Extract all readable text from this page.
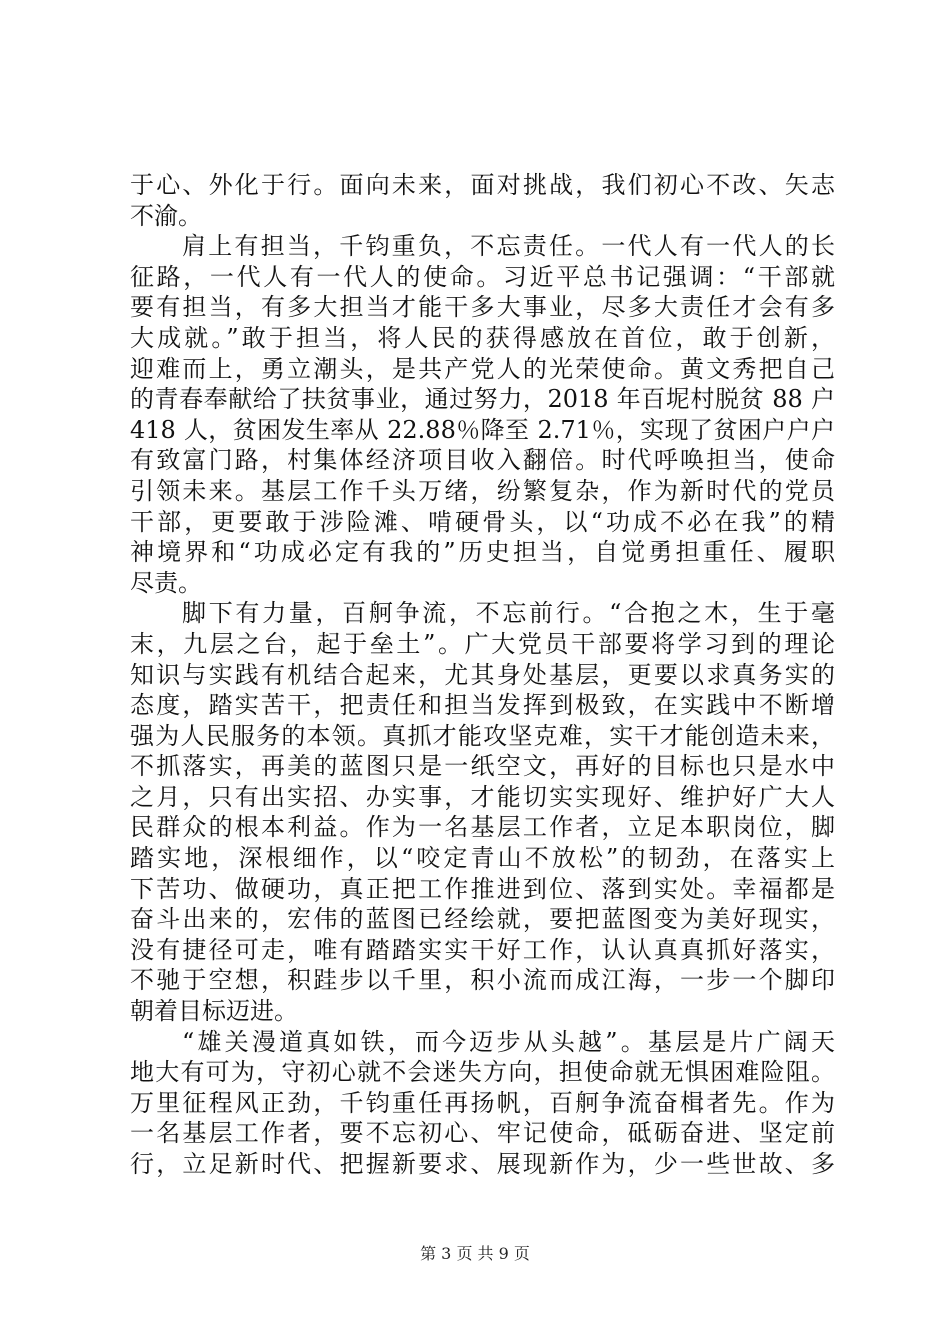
于心、外化于行。面向未来，面对挑战，我们初心不改、矢志
不渝。
肩上有担当，千钧重负，不忘责任。一代人有一代人的长
征路，一代人有一代人的使命。习近平总书记强调：“干部就
要有担当，有多大担当才能干多大事业，尽多大责任才会有多
大成就。”敢于担当，将人民的获得感放在首位，敢于创新，
迎难而上，勇立潮头，是共产党人的光荣使命。黄文秀把自己
的青春奉献给了扶贫事业，通过努力，2018 年百坭村脱贫 88 户
418 人，贫困发生率从 22.88％降至 2.71％，实现了贫困户户户
有致富门路，村集体经济项目收入翻倍。时代呼唤担当，使命
引领未来。基层工作千头万绪，纷繁复杂，作为新时代的党员
干部，更要敢于涉险滩、啃硬骨头，以“功成不必在我”的精
神境界和“功成必定有我的”历史担当，自觉勇担重任、履职
尽责。
脚下有力量，百舸争流，不忘前行。“合抱之木，生于毫
末，九层之台，起于垒土”。广大党员干部要将学习到的理论
知识与实践有机结合起来，尤其身处基层，更要以求真务实的
态度，踏实苦干，把责任和担当发挥到极致，在实践中不断增
强为人民服务的本领。真抓才能攻坚克难，实干才能创造未来，
不抓落实，再美的蓝图只是一纸空文，再好的目标也只是水中
之月，只有出实招、办实事，才能切实实现好、维护好广大人
民群众的根本利益。作为一名基层工作者，立足本职岗位，脚
踏实地，深根细作，以“咬定青山不放松”的韧劲，在落实上
下苦功、做硬功，真正把工作推进到位、落到实处。幸福都是
奋斗出来的，宏伟的蓝图已经绘就，要把蓝图变为美好现实，
没有捷径可走，唯有踏踏实实干好工作，认认真真抓好落实，
不驰于空想，积跬步以千里，积小流而成江海，一步一个脚印
朝着目标迈进。
“雄关漫道真如铁，而今迈步从头越”。基层是片广阔天
地大有可为，守初心就不会迷失方向，担使命就无惧困难险阻。
万里征程风正劲，千钧重任再扬帆，百舸争流奋楫者先。作为
一名基层工作者，要不忘初心、牢记使命，砥砺奋进、坚定前
行，立足新时代、把握新要求、展现新作为，少一些世故、多
第 3 页 共 9 页
